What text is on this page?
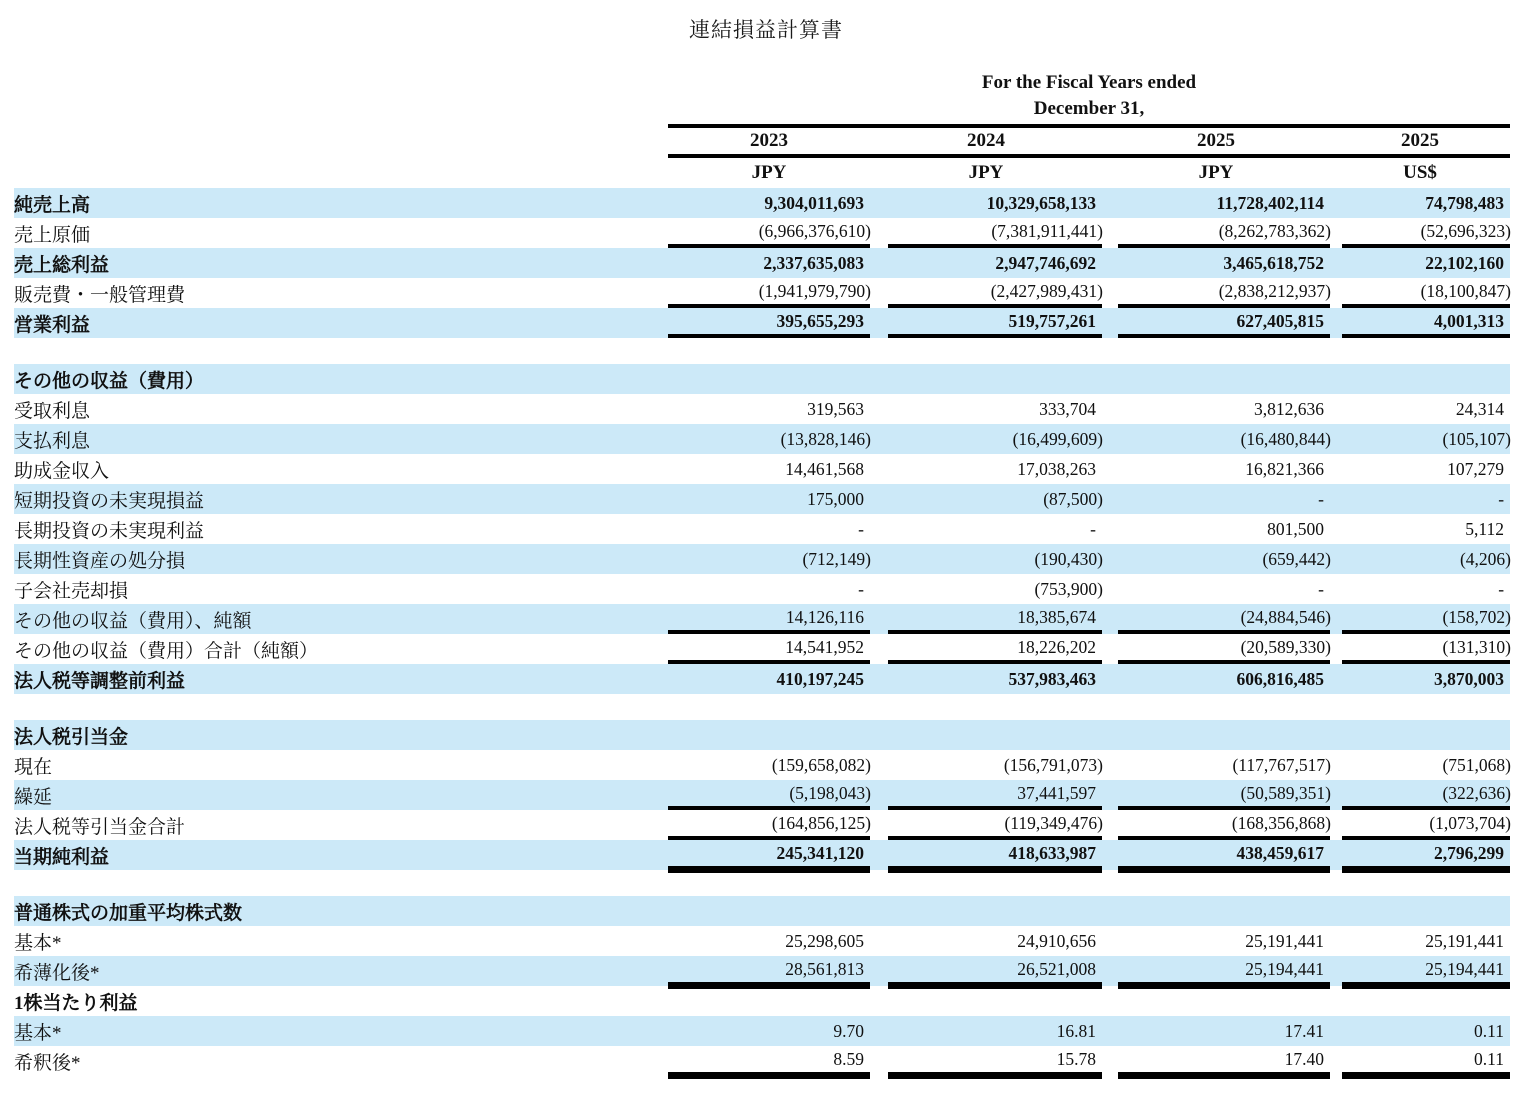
連結損益計算書
	For the Fiscal Years ended
December 31,			

2023	2024	2025	2025

JPY	JPY	JPY	US$

純売上高	9,304,011,693	10,329,658,133	11,728,402,114	74,798,483

売上原価	(6,966,376,610)	(7,381,911,441)	(8,262,783,362)	(52,696,323)

売上総利益	2,337,635,083	2,947,746,692	3,465,618,752	22,102,160

販売費・一般管理費	(1,941,979,790)	(2,427,989,431)	(2,838,212,937)	(18,100,847)

営業利益	395,655,293	519,757,261	627,405,815	4,001,313

その他の収益（費用）	

受取利息	319,563	333,704	3,812,636	24,314

支払利息	(13,828,146)	(16,499,609)	(16,480,844)	(105,107)

助成金収入	14,461,568	17,038,263	16,821,366	107,279

短期投資の未実現損益	175,000	(87,500)	-	-

長期投資の未実現利益	-	-	801,500	5,112

長期性資産の処分損	(712,149)	(190,430)	(659,442)	(4,206)

子会社売却損	-	(753,900)	-	-

その他の収益（費用）、純額	14,126,116	18,385,674	(24,884,546)	(158,702)

その他の収益（費用）合計（純額）	14,541,952	18,226,202	(20,589,330)	(131,310)

法人税等調整前利益	410,197,245	537,983,463	606,816,485	3,870,003

法人税引当金	

現在	(159,658,082)	(156,791,073)	(117,767,517)	(751,068)

繰延	(5,198,043)	37,441,597	(50,589,351)	(322,636)

法人税等引当金合計	(164,856,125)	(119,349,476)	(168,356,868)	(1,073,704)

当期純利益	245,341,120	418,633,987	438,459,617	2,796,299

普通株式の加重平均株式数	

基本*	25,298,605	24,910,656	25,191,441	25,191,441

希薄化後*	28,561,813	26,521,008	25,194,441	25,194,441

1株当たり利益	

基本*	9.70	16.81	17.41	0.11

希釈後*	8.59	15.78	17.40	0.11
